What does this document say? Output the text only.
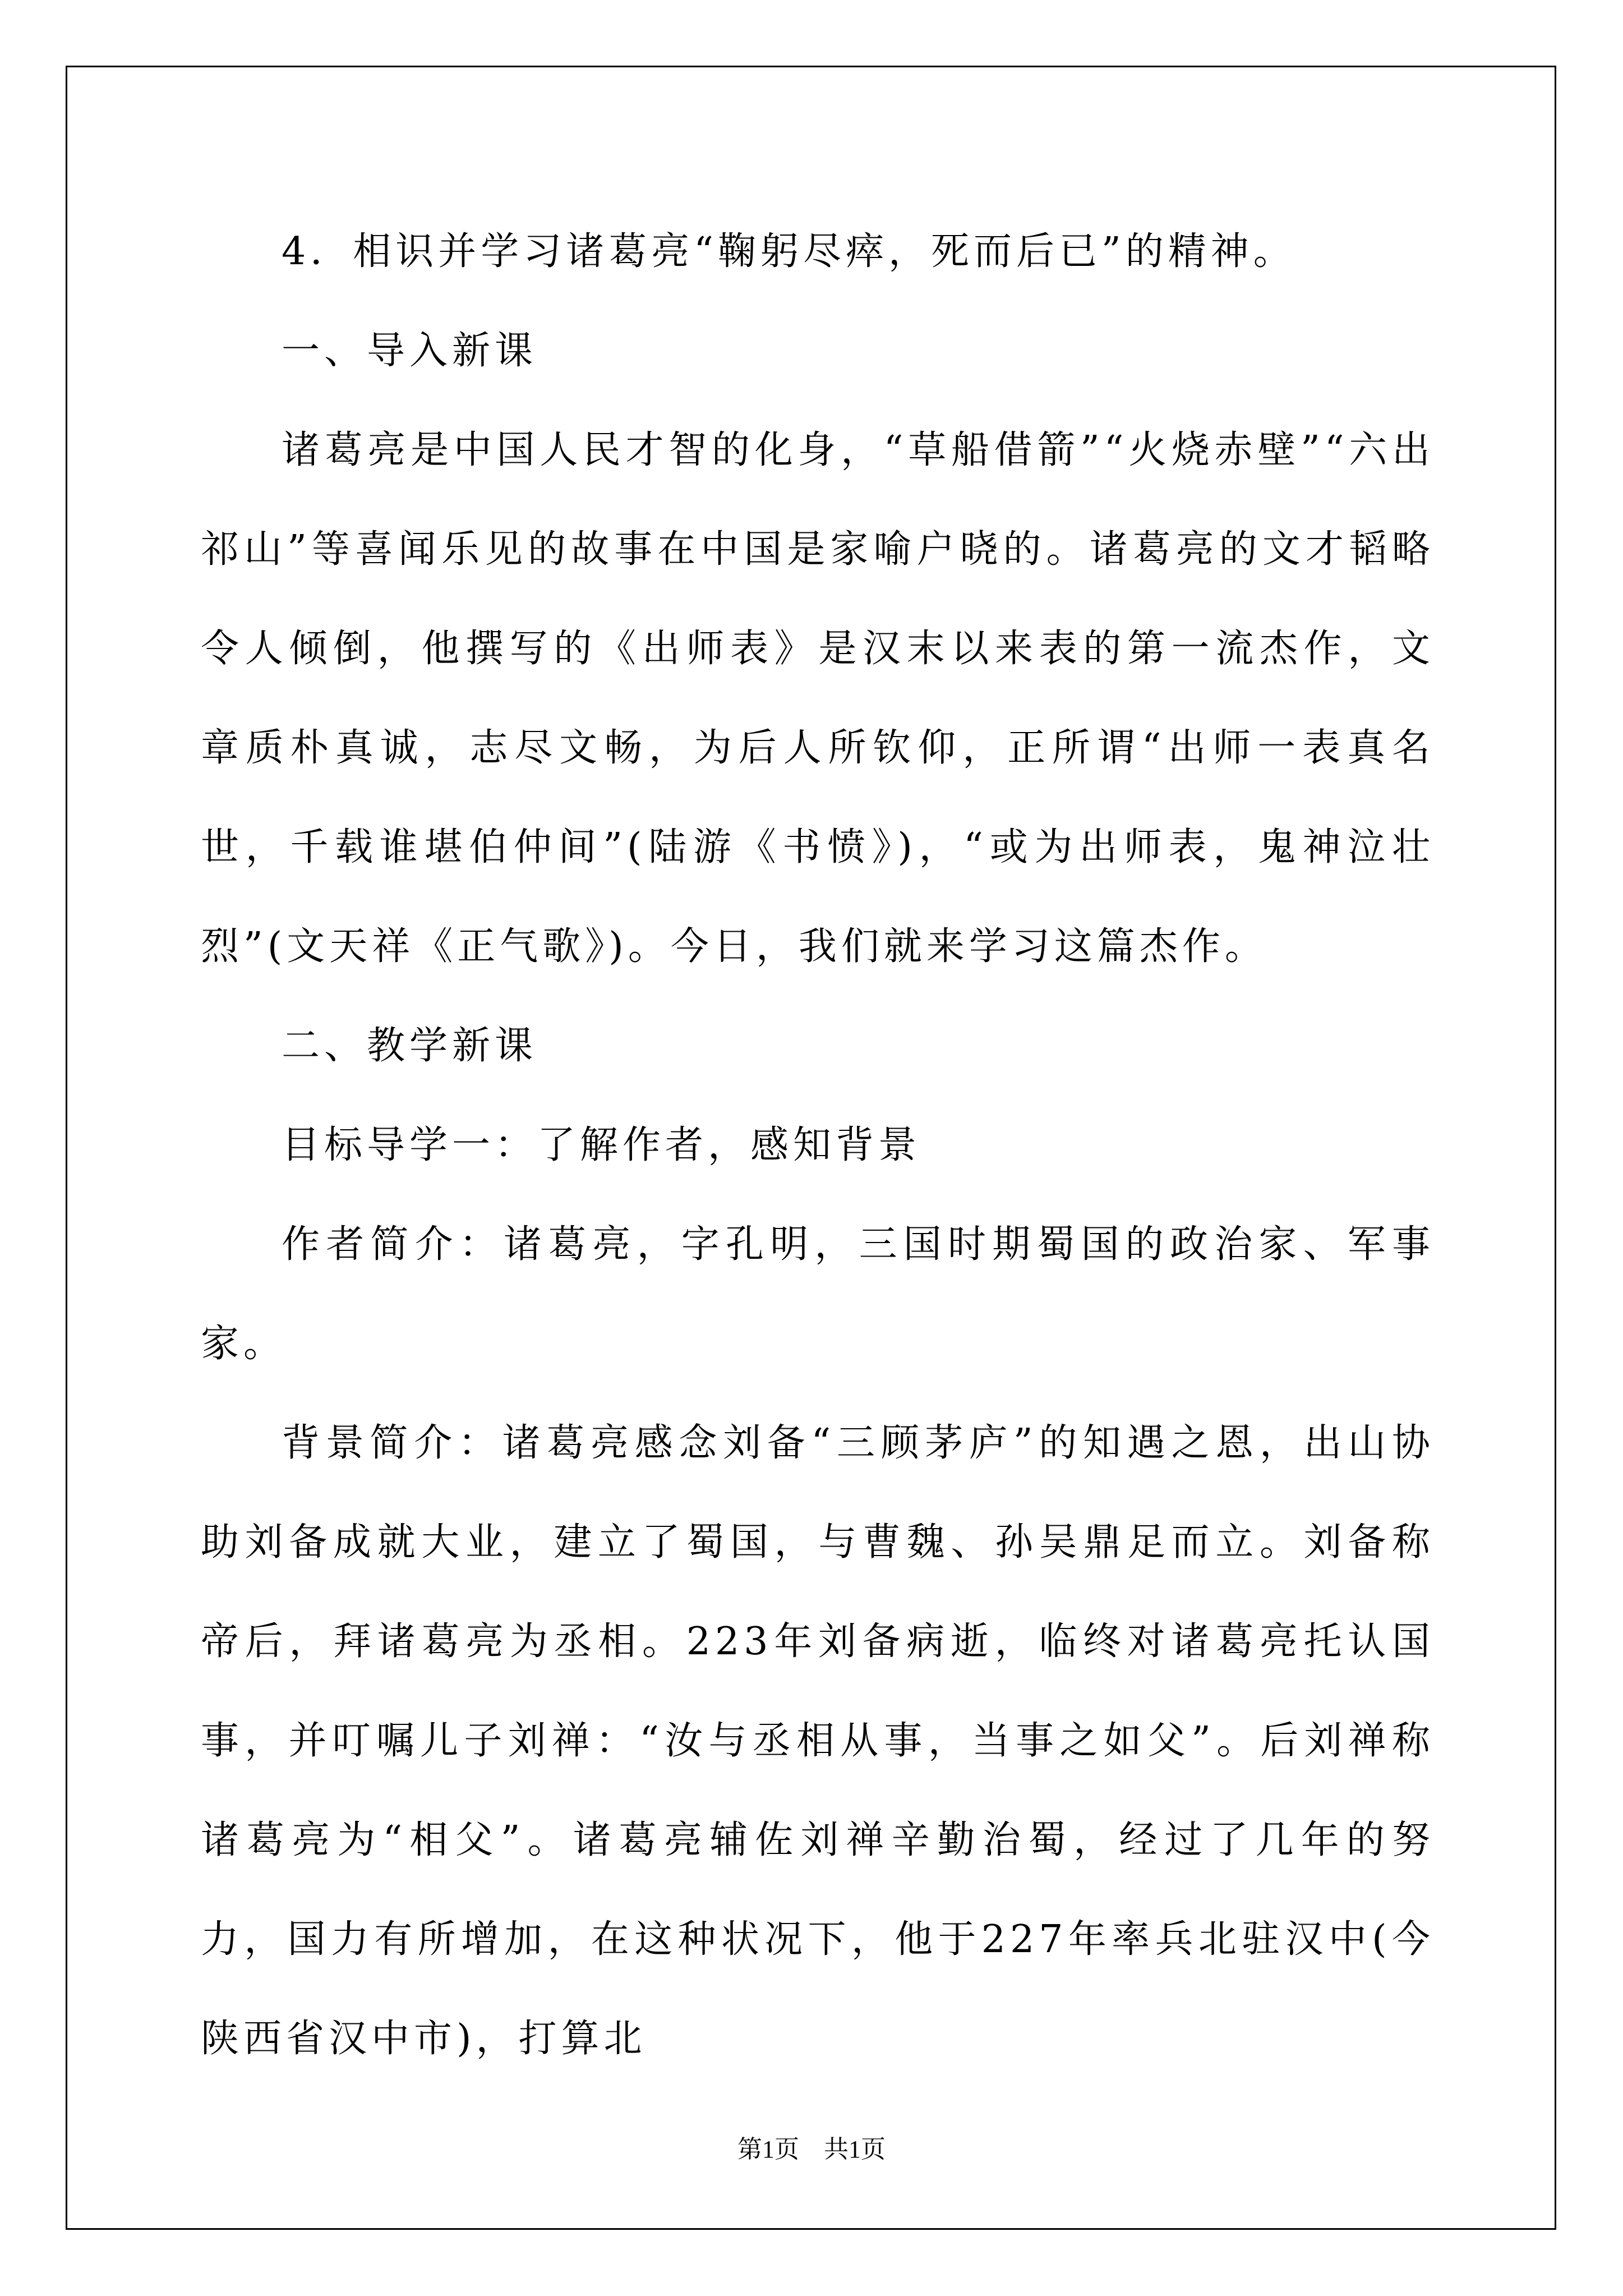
4．相识并学习诸葛亮“鞠躬尽瘁，死而后已”的精神。

一、导入新课

诸葛亮是中国人民才智的化身，“草船借箭”“火烧赤壁”“六出祁山”等喜闻乐见的故事在中国是家喻户晓的。诸葛亮的文才韬略令人倾倒，他撰写的《出师表》是汉末以来表的第一流杰作，文章质朴真诚，志尽文畅，为后人所钦仰，正所谓“出师一表真名世，千载谁堪伯仲间”(陆游《书愤》)，“或为出师表，鬼神泣壮烈”(文天祥《正气歌》)。今日，我们就来学习这篇杰作。

二、教学新课

目标导学一：了解作者，感知背景

作者简介：诸葛亮，字孔明，三国时期蜀国的政治家、军事家。

背景简介：诸葛亮感念刘备“三顾茅庐”的知遇之恩，出山协助刘备成就大业，建立了蜀国，与曹魏、孙吴鼎足而立。刘备称帝后，拜诸葛亮为丞相。223年刘备病逝，临终对诸葛亮托认国事，并叮嘱儿子刘禅：“汝与丞相从事，当事之如父”。后刘禅称诸葛亮为“相父”。诸葛亮辅佐刘禅辛勤治蜀，经过了几年的努力，国力有所增加，在这种状况下，他于227年率兵北驻汉中(今陕西省汉中市)，打算北

第1页　共1页
